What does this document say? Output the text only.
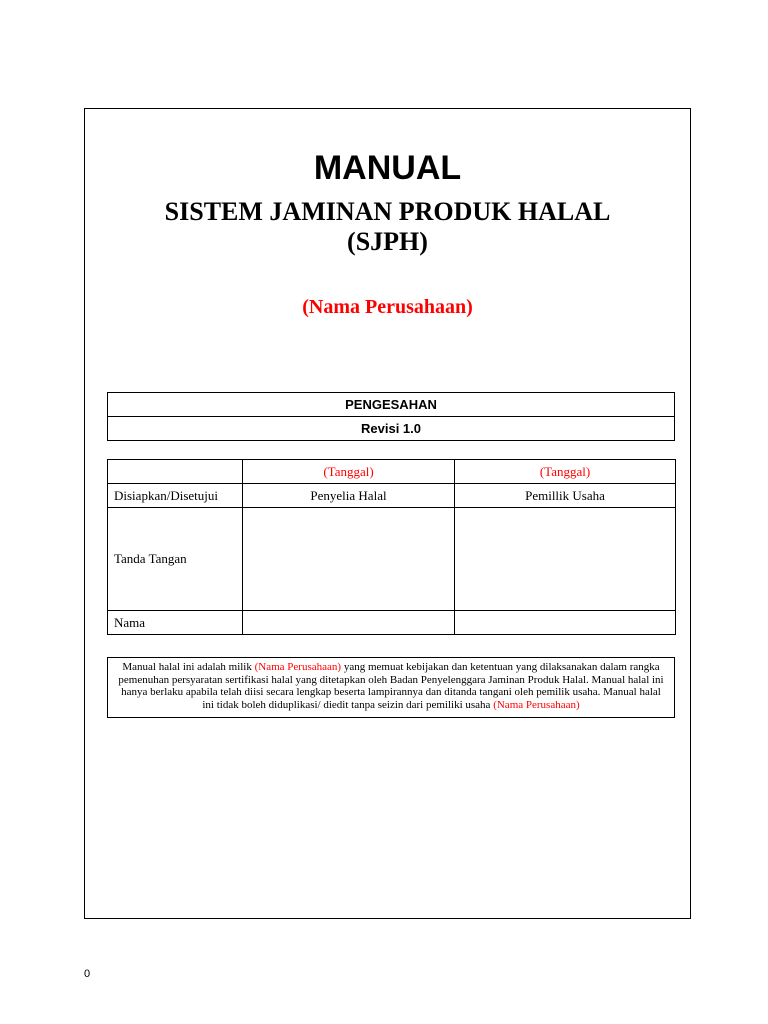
MANUAL
SISTEM JAMINAN PRODUK HALAL
(SJPH)
(Nama Perusahaan)
PENGESAHAN
Revisi 1.0
	(Tanggal)	(Tanggal)
Disiapkan/Disetujui	Penyelia Halal	Pemillik Usaha
Tanda Tangan		
Nama		
Manual halal ini adalah milik (Nama Perusahaan) yang memuat kebijakan dan ketentuan yang dilaksanakan dalam rangka pemenuhan persyaratan sertifikasi halal yang ditetapkan oleh Badan Penyelenggara Jaminan Produk Halal. Manual halal ini hanya berlaku apabila telah diisi secara lengkap beserta lampirannya dan ditanda tangani oleh pemilik usaha. Manual halal ini tidak boleh diduplikasi/ diedit tanpa seizin dari pemiliki usaha (Nama Perusahaan)
0
